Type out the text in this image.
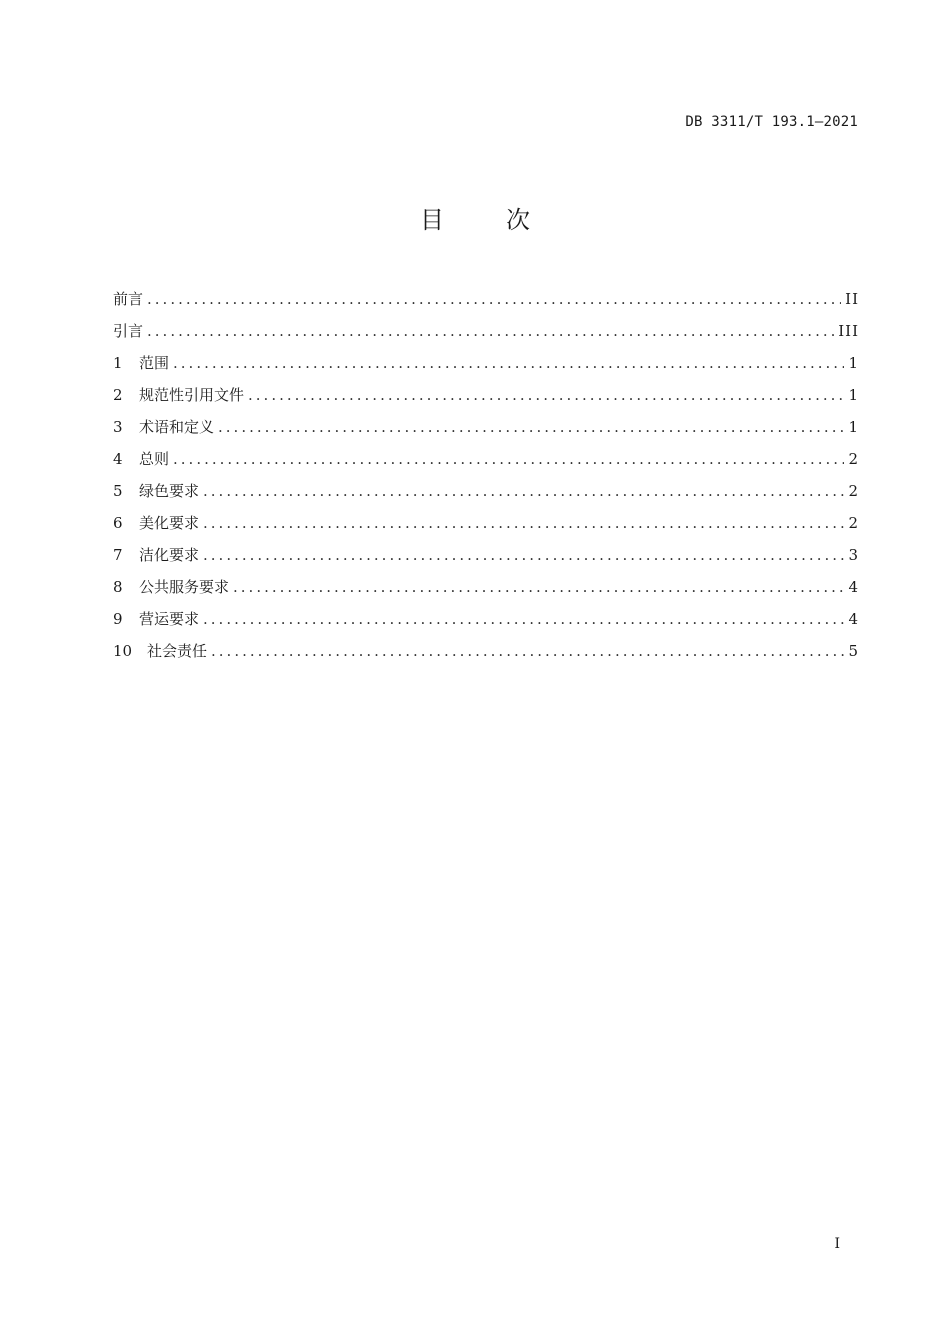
DB 3311/T 193.1—2021
目	次
前言 .....	II
引言 .....	III
1	范围 .....	1
2	规范性引用文件 .....	1
3	术语和定义 .....	1
4	总则 .....	2
5	绿色要求 .....	2
6	美化要求 .....	2
7	洁化要求 .....	3
8	公共服务要求 .....	4
9	营运要求 .....	4
10 社会责任 .....	5
I
